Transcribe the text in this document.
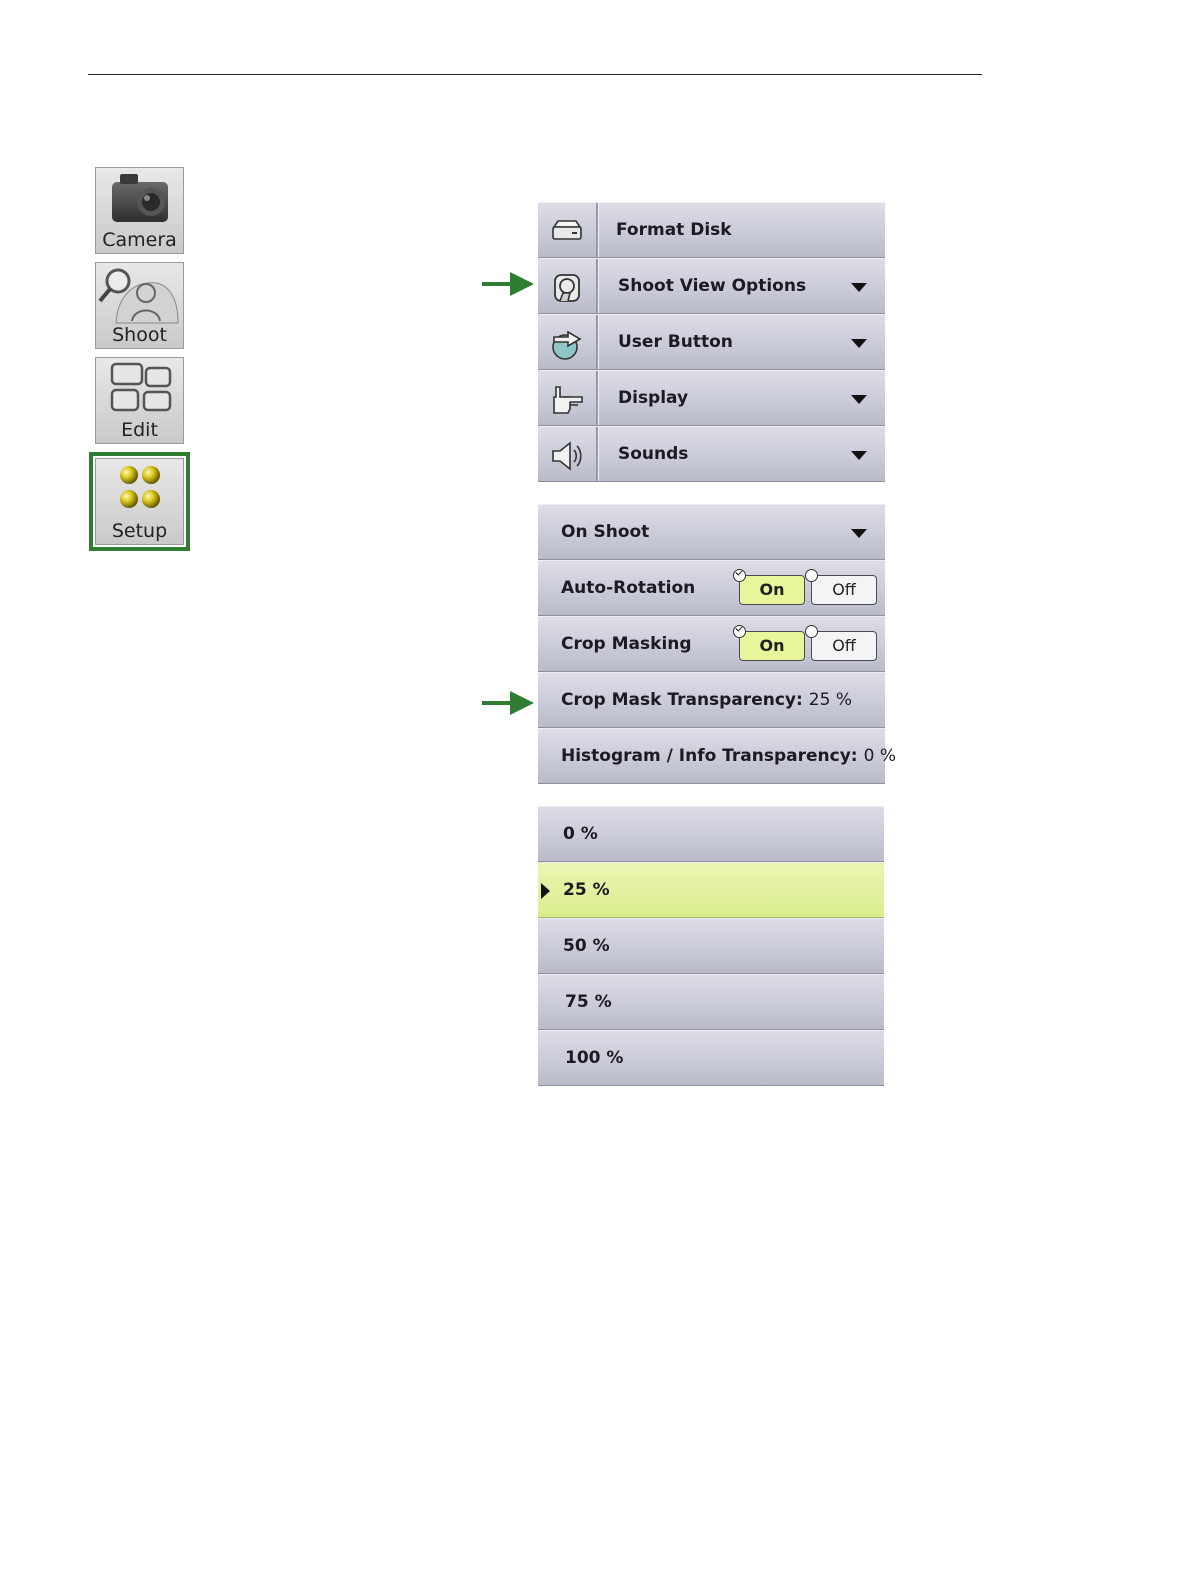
Camera
Shoot
Edit
Setup
Format Disk
Shoot View Options
User Button
Display
Sounds
On Shoot
Auto-Rotation	On	Off
Crop Masking	On	Off
Crop Mask Transparency: 25 %
Histogram / Info Transparency: 0 %
0 %
25 %
50 %
75 %
100 %
